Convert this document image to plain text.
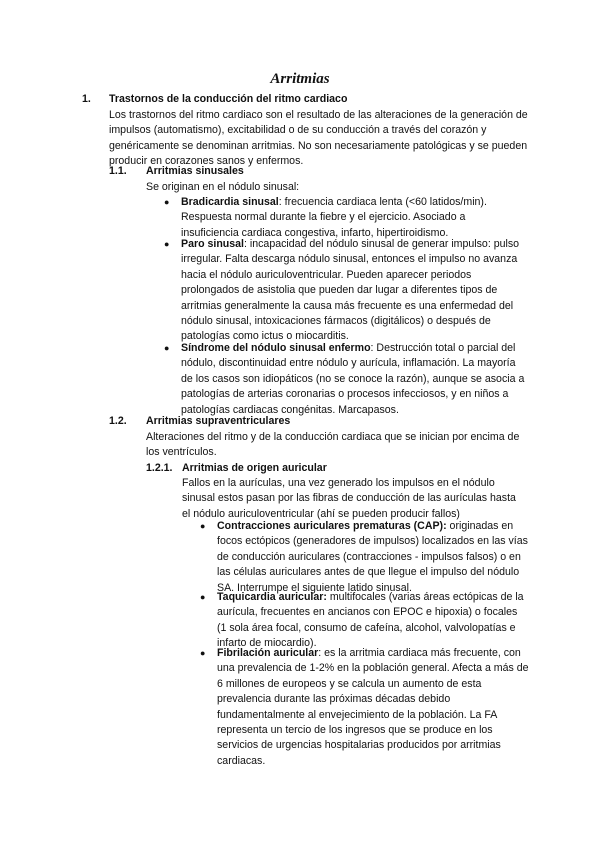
Arritmias
1. Trastornos de la conducción del ritmo cardiaco
Los trastornos del ritmo cardiaco son el resultado de las alteraciones de la generación de impulsos (automatismo), excitabilidad o de su conducción a través del corazón y genéricamente se denominan arritmias. No son necesariamente patológicas y se pueden producir en corazones sanos y enfermos.
1.1. Arritmias sinusales
Se originan en el nódulo sinusal:
● Bradicardia sinusal: frecuencia cardiaca lenta (<60 latidos/min). Respuesta normal durante la fiebre y el ejercicio. Asociado a insuficiencia cardiaca congestiva, infarto, hipertiroidismo.
● Paro sinusal: incapacidad del nódulo sinusal de generar impulso: pulso irregular. Falta descarga nódulo sinusal, entonces el impulso no avanza hacia el nódulo auriculoventricular. Pueden aparecer periodos prolongados de asistolia que pueden dar lugar a diferentes tipos de arritmias generalmente la causa más frecuente es una enfermedad del nódulo sinusal, intoxicaciones fármacos (digitálicos) o después de patologías como ictus o miocarditis.
● Síndrome del nódulo sinusal enfermo: Destrucción total o parcial del nódulo, discontinuidad entre nódulo y aurícula, inflamación. La mayoría de los casos son idiopáticos (no se conoce la razón), aunque se asocia a patologías de arterias coronarias o procesos infecciosos, y en niños a patologías cardiacas congénitas. Marcapasos.
1.2. Arritmias supraventriculares
Alteraciones del ritmo y de la conducción cardiaca que se inician por encima de los ventrículos.
1.2.1. Arritmias de origen auricular
Fallos en la aurículas, una vez generado los impulsos en el nódulo sinusal estos pasan por las fibras de conducción de las aurículas hasta el nódulo auriculoventricular (ahí se pueden producir fallos)
● Contracciones auriculares prematuras (CAP): originadas en focos ectópicos (generadores de impulsos) localizados en las vías de conducción auriculares (contracciones - impulsos falsos) o en las células auriculares antes de que llegue el impulso del nódulo SA. Interrumpe el siguiente latido sinusal.
● Taquicardia auricular: multifocales (varias áreas ectópicas de la aurícula, frecuentes en ancianos con EPOC e hipoxia) o focales (1 sola área focal, consumo de cafeína, alcohol, valvolopatías e infarto de miocardio).
● Fibrilación auricular: es la arritmia cardiaca más frecuente, con una prevalencia de 1-2% en la población general. Afecta a más de 6 millones de europeos y se calcula un aumento de esta prevalencia durante las próximas décadas debido fundamentalmente al envejecimiento de la población. La FA representa un tercio de los ingresos que se produce en los servicios de urgencias hospitalarias producidos por arritmias cardiacas.
